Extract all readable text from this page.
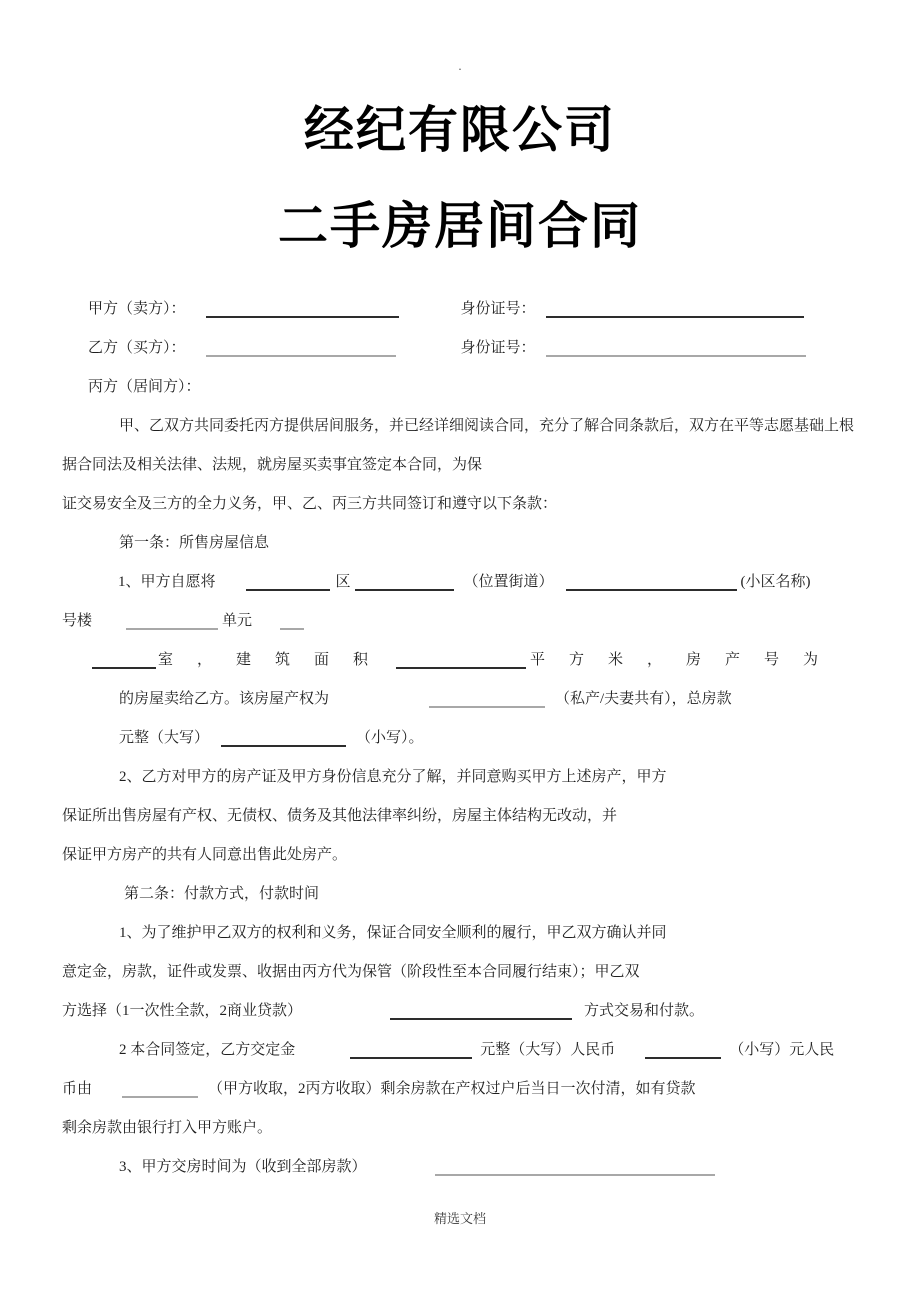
.
经纪有限公司
二手房居间合同
甲方（卖方）：	身份证号：
乙方（买方）：	身份证号：
丙方（居间方）：
甲、乙双方共同委托丙方提供居间服务，并已经详细阅读合同，充分了解合同条款后，双方在平等志愿基础上根
据合同法及相关法律、法规，就房屋买卖事宜签定本合同，为保
证交易安全及三方的全力义务，甲、乙、丙三方共同签订和遵守以下条款：
第一条：所售房屋信息
1、甲方自愿将	区	（位置街道）	(小区名称)
号楼	单元
室，建筑面积	平方米，房产号为
的房屋卖给乙方。该房屋产权为	（私产/夫妻共有），总房款
元整（大写）	（小写）。
2、乙方对甲方的房产证及甲方身份信息充分了解，并同意购买甲方上述房产，甲方
保证所出售房屋有产权、无债权、债务及其他法律率纠纷，房屋主体结构无改动，并
保证甲方房产的共有人同意出售此处房产。
第二条：付款方式，付款时间
1、为了维护甲乙双方的权利和义务，保证合同安全顺利的履行，甲乙双方确认并同
意定金，房款，证件或发票、收据由丙方代为保管（阶段性至本合同履行结束）；甲乙双
方选择（1一次性全款，2商业贷款）	方式交易和付款。
2 本合同签定，乙方交定金	元整（大写）人民币	（小写）元人民
币由	（甲方收取，2丙方收取）剩余房款在产权过户后当日一次付清，如有贷款
剩余房款由银行打入甲方账户。
3、甲方交房时间为（收到全部房款）
精选文档
